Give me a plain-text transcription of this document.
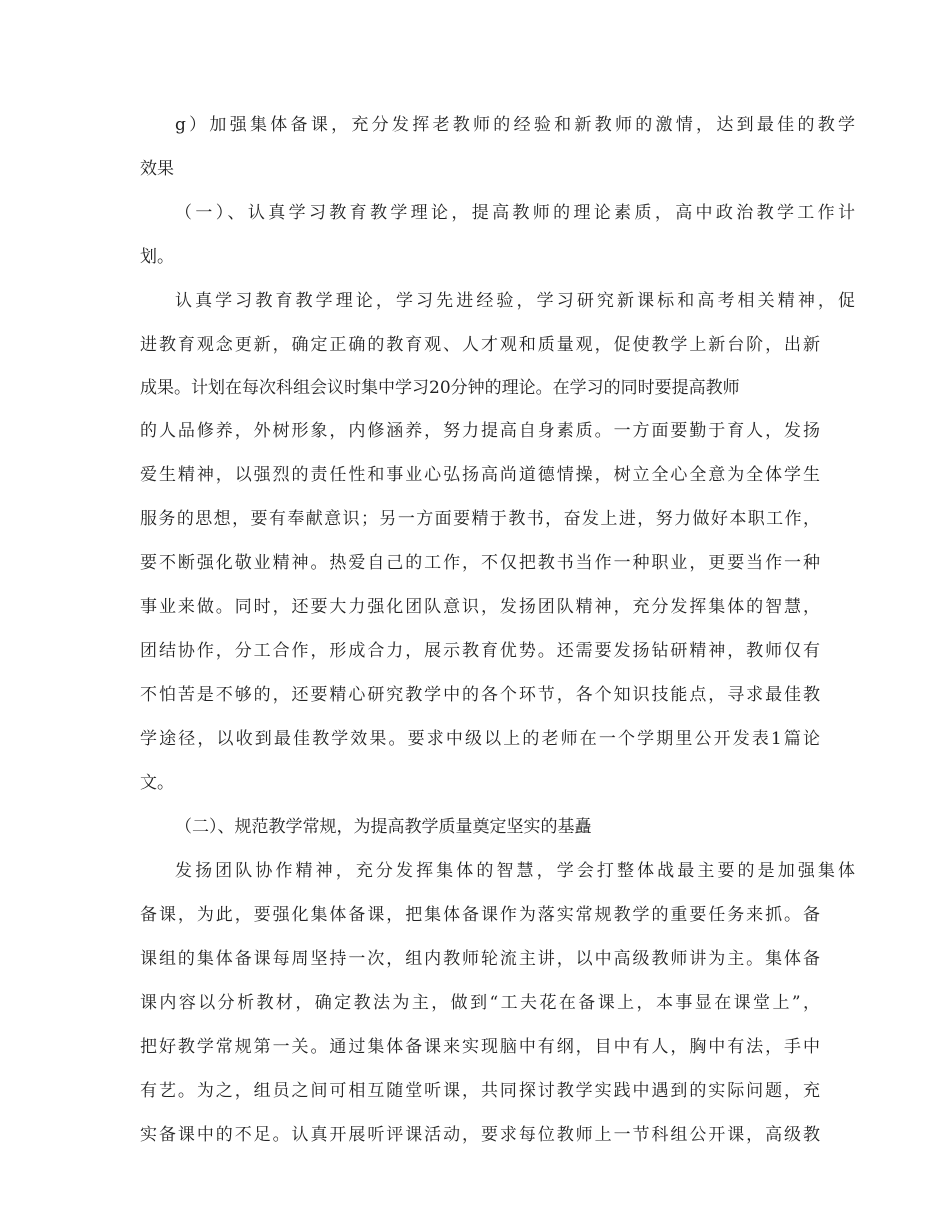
g）加强集体备课，充分发挥老教师的经验和新教师的激情，达到最佳的教学
效果
（一）、认真学习教育教学理论，提高教师的理论素质，高中政治教学工作计
划。
认真学习教育教学理论，学习先进经验，学习研究新课标和高考相关精神，促
进教育观念更新，确定正确的教育观、人才观和质量观，促使教学上新台阶，出新
成果。计划在每次科组会议时集中学习20分钟的理论。在学习的同时要提高教师
的人品修养，外树形象，内修涵养，努力提高自身素质。一方面要勤于育人，发扬
爱生精神，以强烈的责任性和事业心弘扬高尚道德情操，树立全心全意为全体学生
服务的思想，要有奉献意识；另一方面要精于教书，奋发上进，努力做好本职工作，
要不断强化敬业精神。热爱自己的工作，不仅把教书当作一种职业，更要当作一种
事业来做。同时，还要大力强化团队意识，发扬团队精神，充分发挥集体的智慧，
团结协作，分工合作，形成合力，展示教育优势。还需要发扬钻研精神，教师仅有
不怕苦是不够的，还要精心研究教学中的各个环节，各个知识技能点，寻求最佳教
学途径，以收到最佳教学效果。要求中级以上的老师在一个学期里公开发表1篇论
文。
（二）、规范教学常规，为提高教学质量奠定坚实的基矗
发扬团队协作精神，充分发挥集体的智慧，学会打整体战最主要的是加强集体
备课，为此，要强化集体备课，把集体备课作为落实常规教学的重要任务来抓。备
课组的集体备课每周坚持一次，组内教师轮流主讲，以中高级教师讲为主。集体备
课内容以分析教材，确定教法为主，做到“工夫花在备课上，本事显在课堂上”，
把好教学常规第一关。通过集体备课来实现脑中有纲，目中有人，胸中有法，手中
有艺。为之，组员之间可相互随堂听课，共同探讨教学实践中遇到的实际问题，充
实备课中的不足。认真开展听评课活动，要求每位教师上一节科组公开课，高级教
